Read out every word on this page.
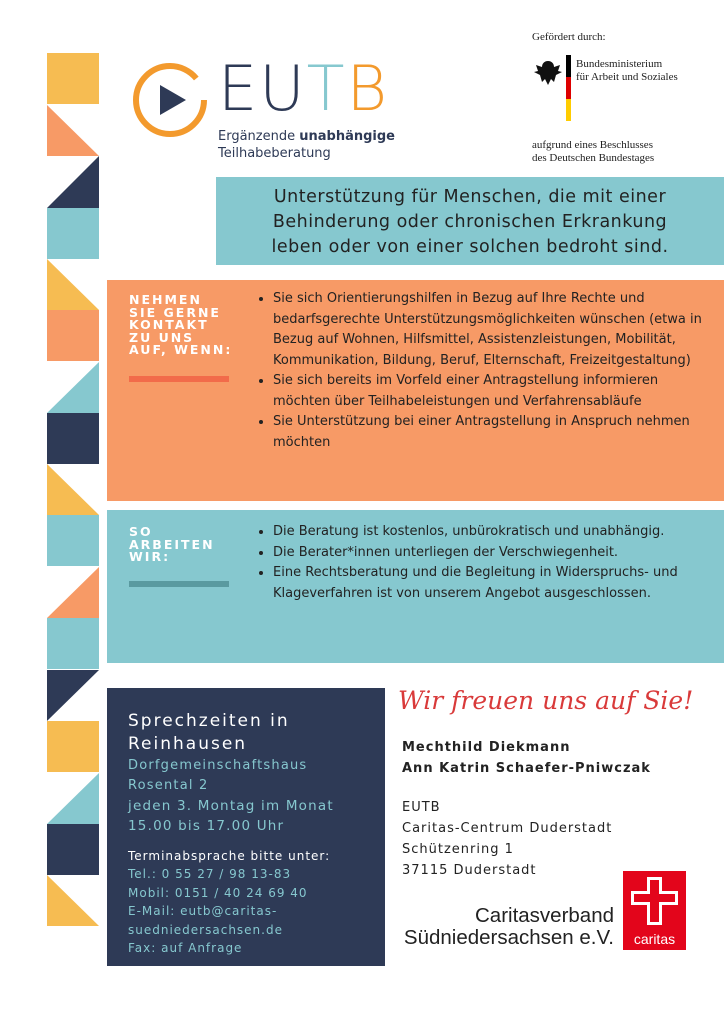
EUTB
Ergänzende unabhängige
Teilhabeberatung
Gefördert durch:
Bundesministerium
für Arbeit und Soziales
aufgrund eines Beschlusses
des Deutschen Bundestages
Unterstützung für Menschen, die mit einer
Behinderung oder chronischen Erkrankung
leben oder von einer solchen bedroht sind.
NEHMEN
SIE GERNE
KONTAKT
ZU UNS
AUF, WENN:
• Sie sich Orientierungshilfen in Bezug auf Ihre Rechte und bedarfsgerechte Unterstützungsmöglichkeiten wünschen (etwa in Bezug auf Wohnen, Hilfsmittel, Assistenzleistungen, Mobilität, Kommunikation, Bildung, Beruf, Elternschaft, Freizeitgestaltung)
• Sie sich bereits im Vorfeld einer Antragstellung informieren möchten über Teilhabeleistungen und Verfahrensabläufe
• Sie Unterstützung bei einer Antragstellung in Anspruch nehmen möchten
SO
ARBEITEN
WIR:
• Die Beratung ist kostenlos, unbürokratisch und unabhängig.
• Die Berater*innen unterliegen der Verschwiegenheit.
• Eine Rechtsberatung und die Begleitung in Widerspruchs- und Klageverfahren ist von unserem Angebot ausgeschlossen.
Sprechzeiten in
Reinhausen
Dorfgemeinschaftshaus
Rosental 2
jeden 3. Montag im Monat
15.00 bis 17.00 Uhr
Terminabsprache bitte unter:
Tel.: 0 55 27 / 98 13-83
Mobil: 0151 / 40 24 69 40
E-Mail: eutb@caritas-
suedniedersachsen.de
Fax: auf Anfrage
Wir freuen uns auf Sie!
Mechthild Diekmann
Ann Katrin Schaefer-Pniwczak
EUTB
Caritas-Centrum Duderstadt
Schützenring 1
37115 Duderstadt
Caritasverband
Südniedersachsen e.V.	caritas
